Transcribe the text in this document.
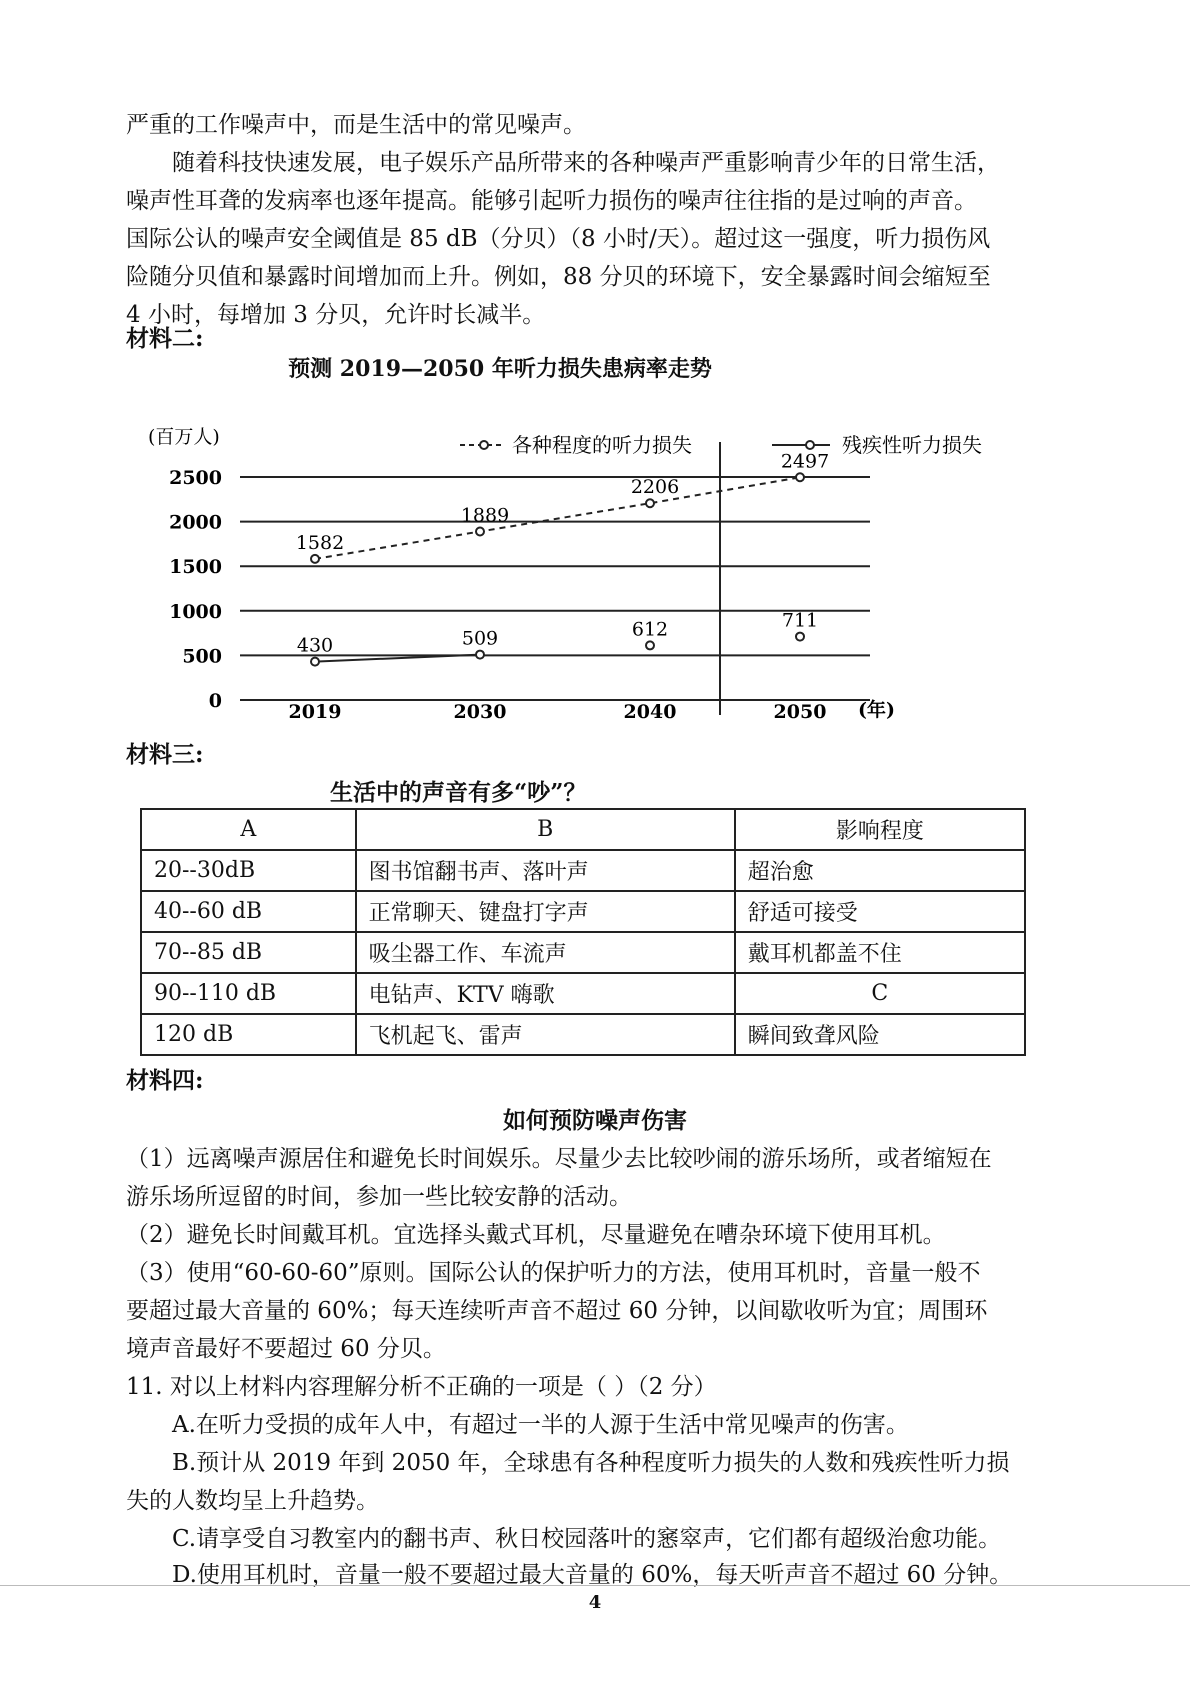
严重的工作噪声中，而是生活中的常见噪声。
随着科技快速发展，电子娱乐产品所带来的各种噪声严重影响青少年的日常生活，
噪声性耳聋的发病率也逐年提高。能够引起听力损伤的噪声往往指的是过响的声音。
国际公认的噪声安全阈值是 85 dB（分贝）（8 小时/天）。超过这一强度，听力损伤风
险随分贝值和暴露时间增加而上升。例如，88 分贝的环境下，安全暴露时间会缩短至
4 小时，每增加 3 分贝，允许时长减半。
材料二:
预测 2019—2050 年听力损失患病率走势
2500
2000
1500
1000
500
0	2019	2030	2040	2050
(百万人)
(年)
各种程度的听力损失	残疾性听力损失
1582
1889
2206
2497
430	509	612	711
材料三:
生活中的声音有多“吵”？
A	B	影响程度
20--30dB	图书馆翻书声、落叶声	超治愈
40--60 dB	正常聊天、键盘打字声	舒适可接受
70--85 dB	吸尘器工作、车流声	戴耳机都盖不住
90--110 dB	电钻声、KTV 嗨歌	C
120 dB	飞机起飞、雷声	瞬间致聋风险
材料四:
如何预防噪声伤害
（1）远离噪声源居住和避免长时间娱乐。尽量少去比较吵闹的游乐场所，或者缩短在
游乐场所逗留的时间，参加一些比较安静的活动。
（2）避免长时间戴耳机。宜选择头戴式耳机，尽量避免在嘈杂环境下使用耳机。
（3）使用“60-60-60”原则。国际公认的保护听力的方法，使用耳机时，音量一般不
要超过最大音量的 60%；每天连续听声音不超过 60 分钟，以间歇收听为宜；周围环
境声音最好不要超过 60 分贝。
11. 对以上材料内容理解分析不正确的一项是（ ）（2 分）
A.在听力受损的成年人中，有超过一半的人源于生活中常见噪声的伤害。
B.预计从 2019 年到 2050 年，全球患有各种程度听力损失的人数和残疾性听力损
失的人数均呈上升趋势。
C.请享受自习教室内的翻书声、秋日校园落叶的窸窣声，它们都有超级治愈功能。
D.使用耳机时，音量一般不要超过最大音量的 60%，每天听声音不超过 60 分钟。
4
